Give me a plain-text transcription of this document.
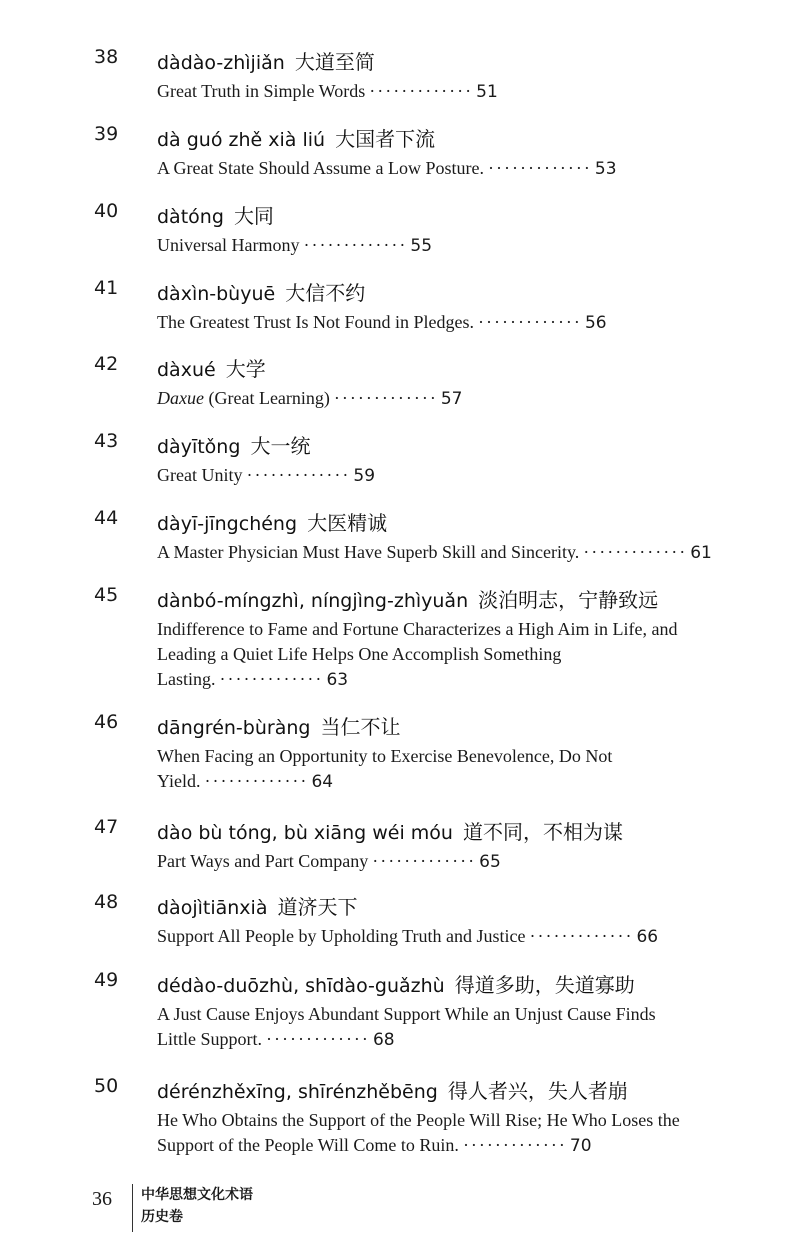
38 dàdào-zhìjiǎn 大道至简
Great Truth in Simple Words ············· 51
39 dà guó zhě xià liú 大国者下流
A Great State Should Assume a Low Posture. ············· 53
40 dàtóng 大同
Universal Harmony ············· 55
41 dàxìn-bùyuē 大信不约
The Greatest Trust Is Not Found in Pledges. ············· 56
42 dàxué 大学
Daxue (Great Learning) ············· 57
43 dàyītǒng 大一统
Great Unity ············· 59
44 dàyī-jīngchéng 大医精诚
A Master Physician Must Have Superb Skill and Sincerity. ············· 61
45 dànbó-míngzhì, níngjìng-zhìyuǎn 淡泊明志，宁静致远
Indifference to Fame and Fortune Characterizes a High Aim in Life, and Leading a Quiet Life Helps One Accomplish Something Lasting. ············· 63
46 dāngrén-bùràng 当仁不让
When Facing an Opportunity to Exercise Benevolence, Do Not Yield. ············· 64
47 dào bù tóng, bù xiāng wéi móu 道不同，不相为谋
Part Ways and Part Company ············· 65
48 dàojìtiānxià 道济天下
Support All People by Upholding Truth and Justice ············· 66
49 dédào-duōzhù, shīdào-guǎzhù 得道多助，失道寡助
A Just Cause Enjoys Abundant Support While an Unjust Cause Finds Little Support. ············· 68
50 dérénzhěxīng, shīrénzhěbēng 得人者兴，失人者崩
He Who Obtains the Support of the People Will Rise; He Who Loses the Support of the People Will Come to Ruin. ············· 70
36 中华思想文化术语
历史卷
